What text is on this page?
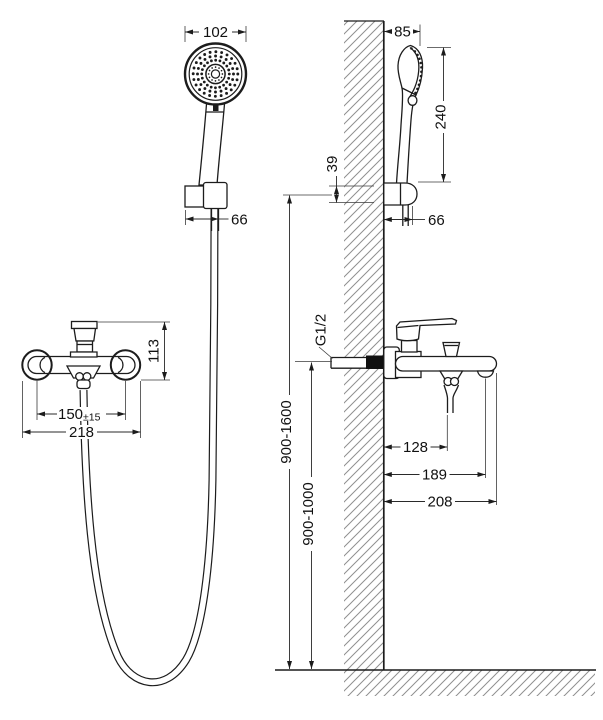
102
66
113
150±15
218
85
240
39
66
G1/2
128
189
208
900-1600
900-1000
